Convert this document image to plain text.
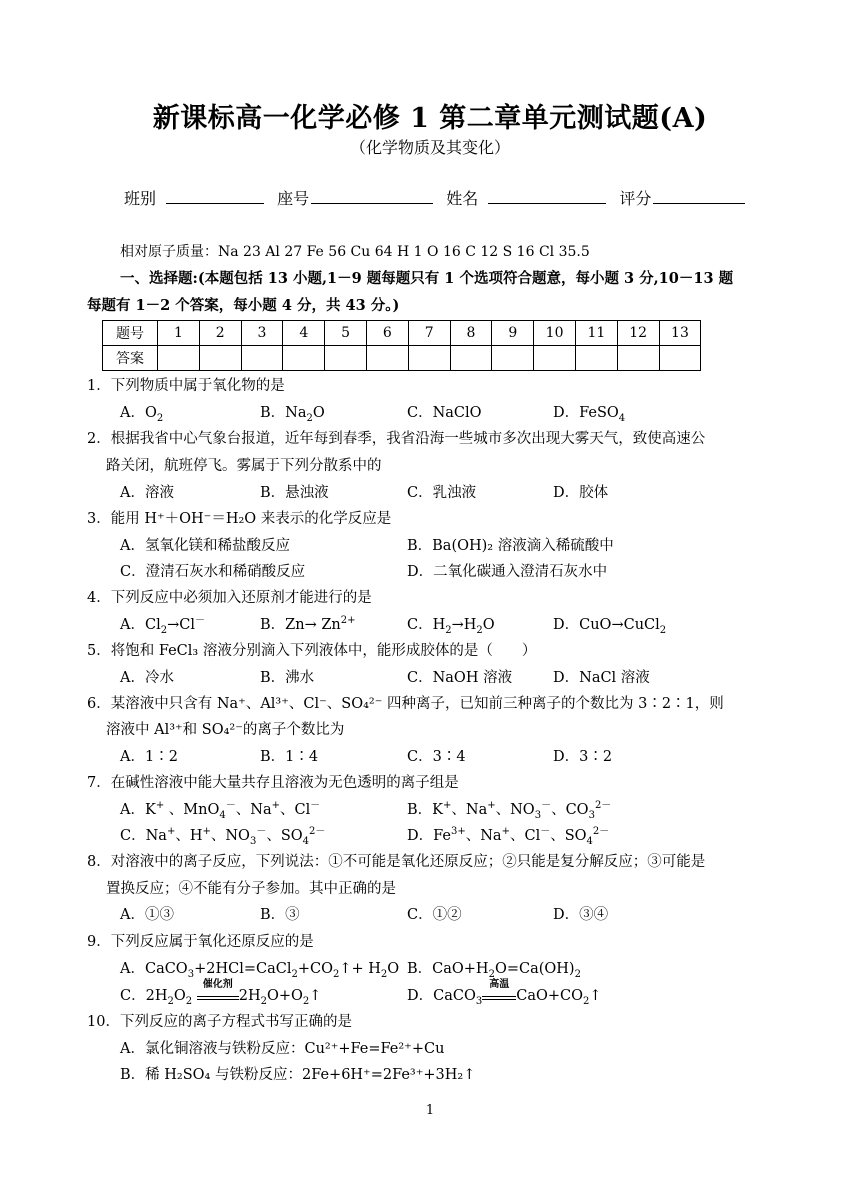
新课标高一化学必修 1 第二章单元测试题(A)
（化学物质及其变化）
班别	座号	姓名	评分
相对原子质量：Na 23 Al 27 Fe 56 Cu 64 H 1 O 16 C 12 S 16 Cl 35.5
一、选择题:(本题包括 13 小题,1－9 题每题只有 1 个选项符合题意，每小题 3 分,10－13 题
每题有 1－2 个答案，每小题 4 分，共 43 分。)
题号	1	2	3	4	5	6	7	8	9	10	11	12	13
答案													
1．下列物质中属于氧化物的是
A．$O_2$	B．$Na_2O$	C．NaClO	D．FeSO$_4$
2．根据我省中心气象台报道，近年每到春季，我省沿海一些城市多次出现大雾天气，致使高速公
路关闭，航班停飞。雾属于下列分散系中的
A．溶液	B．悬浊液	C．乳浊液	D．胶体
3．能用 H⁺＋OH⁻＝H₂O 来表示的化学反应是
A．氢氧化镁和稀盐酸反应	B．Ba(OH)₂ 溶液滴入稀硫酸中
C．澄清石灰水和稀硝酸反应	D．二氧化碳通入澄清石灰水中
4．下列反应中必须加入还原剂才能进行的是
A．$Cl_2\to Cl^-$	B．$Zn\to Zn^{2+}$	C．$H_2\to H_2O$	D．CuO→CuCl$_2$
5．将饱和 FeCl₃ 溶液分别滴入下列液体中，能形成胶体的是（　　）
A．冷水	B．沸水	C．NaOH 溶液	D．NaCl 溶液
6．某溶液中只含有 Na⁺、Al³⁺、Cl⁻、SO₄²⁻ 四种离子，已知前三种离子的个数比为 3∶2∶1，则
溶液中 Al³⁺和 SO₄²⁻的离子个数比为
A．1∶2	B．1∶4	C．3∶4	D．3∶2
7．在碱性溶液中能大量共存且溶液为无色透明的离子组是
A．K+ 、MnO$_4$－、Na+、Cl－	B．K+、Na+、$NO_3^-$、$CO_3^{2-}$
C．Na+、H+、$NO_3^-$、$SO_4^{2-}$	D．$Fe^{3+}$、Na+、Cl－、$SO_4^{2-}$
8．对溶液中的离子反应，下列说法：①不可能是氧化还原反应；②只能是复分解反应；③可能是
置换反应；④不能有分子参加。其中正确的是
A．①③	B．③	C．①②	D．③④
9．下列反应属于氧化还原反应的是
A．$CaCO_3+2HCl=CaCl_2+CO_2↑+ H_2O$ B．$CaO+H_2O=Ca(OH)_2$
C．$2H_2O_2$
催化剂
$2H_2O+O_2↑$	D．CaCO$_3$
高温
$CaO+CO_2↑$
10．下列反应的离子方程式书写正确的是
A．氯化铜溶液与铁粉反应：Cu²⁺+Fe=Fe²⁺+Cu
B．稀 H₂SO₄ 与铁粉反应：2Fe+6H⁺=2Fe³⁺+3H₂↑
1
